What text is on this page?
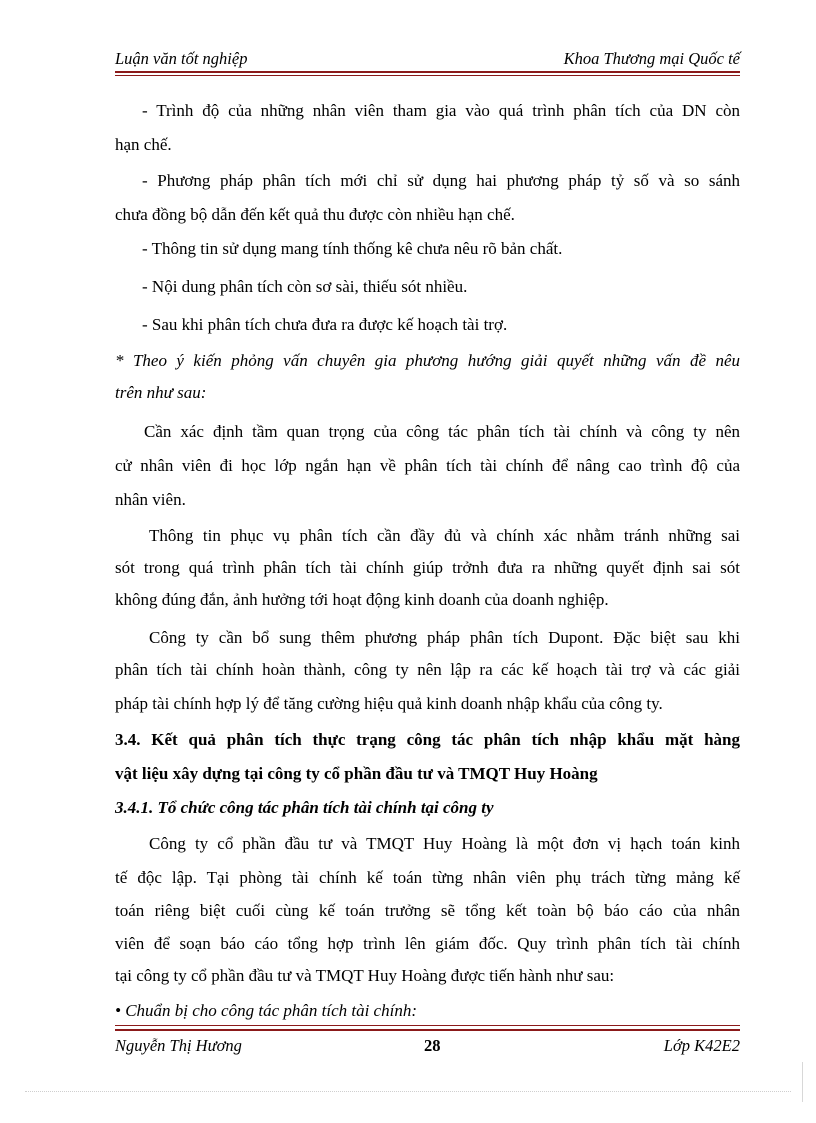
Luận văn tốt nghiệp	Khoa Thương mại Quốc tế
- Trình độ của những nhân viên tham gia vào quá trình phân tích của DN còn
hạn chế.
- Phương pháp phân tích mới chỉ sử dụng hai phương pháp tỷ số và so sánh
chưa đồng bộ dẫn đến kết quả thu được còn nhiều hạn chế.
- Thông tin sử dụng mang tính thống kê chưa nêu rõ bản chất.
- Nội dung phân tích còn sơ sài, thiếu sót nhiều.
- Sau khi phân tích chưa đưa ra được kế hoạch tài trợ.
* Theo ý kiến phỏng vấn chuyên gia phương hướng giải quyết những vấn đề nêu
trên như sau:
Cần xác định tầm quan trọng của công tác phân tích tài chính và công ty nên
cử nhân viên đi học lớp ngắn hạn về phân tích tài chính để nâng cao trình độ của
nhân viên.
Thông tin phục vụ phân tích cần đầy đủ và chính xác nhằm tránh những sai
sót trong quá trình phân tích tài chính giúp trởnh đưa ra những quyết định sai sót
không đúng đắn, ảnh hưởng tới hoạt động kinh doanh của doanh nghiệp.
Công ty cần bổ sung thêm phương pháp phân tích Dupont. Đặc biệt sau khi
phân tích tài chính hoàn thành, công ty nên lập ra các kế hoạch tài trợ và các giải
pháp tài chính hợp lý để tăng cường hiệu quả kinh doanh nhập khẩu của công ty.
3.4. Kết quả phân tích thực trạng công tác phân tích nhập khẩu mặt hàng
vật liệu xây dựng tại công ty cổ phần đầu tư và TMQT Huy Hoàng
3.4.1. Tổ chức công tác phân tích tài chính tại công ty
Công ty cổ phần đầu tư và TMQT Huy Hoàng là một đơn vị hạch toán kinh
tế độc lập. Tại phòng tài chính kế toán từng nhân viên phụ trách từng mảng kế
toán riêng biệt cuối cùng kế toán trưởng sẽ tổng kết toàn bộ báo cáo của nhân
viên để soạn báo cáo tổng hợp trình lên giám đốc. Quy trình phân tích tài chính
tại công ty cổ phần đầu tư và TMQT Huy Hoàng được tiến hành như sau:
• Chuẩn bị cho công tác phân tích tài chính:
Nguyễn Thị Hương	28	Lớp K42E2
